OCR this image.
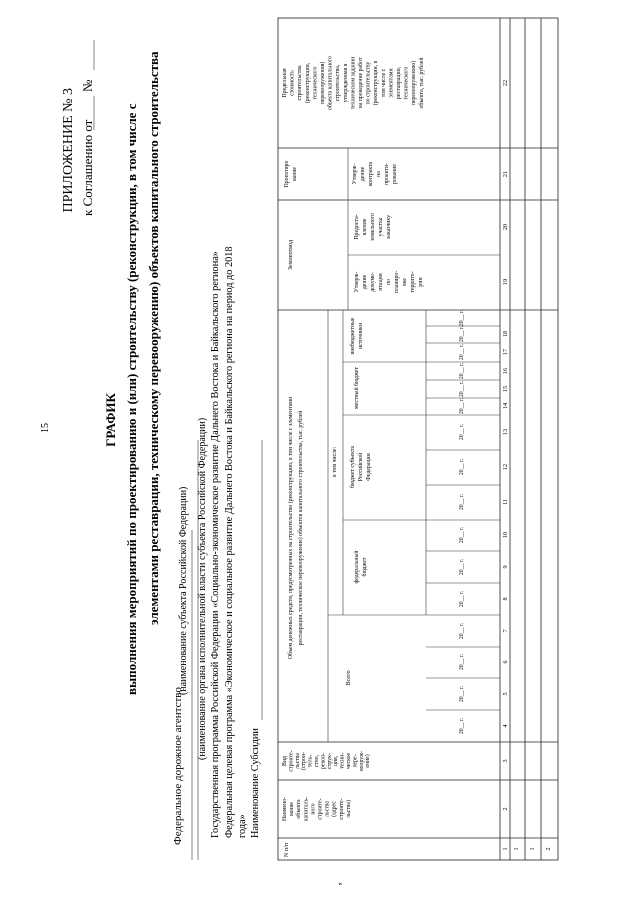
15
ПРИЛОЖЕНИЕ № 3 к Соглашению от
№
ГРАФИК выполнения мероприятий по проектированию и (или) строительству (реконструкции, в том числе с элементами реставрации, техническому перевооружению) объектов капитального строительства
Федеральное дорожное агентство
(наименование субъекта Российской Федерации) (наименование органа исполнительной власти субъекта Российской Федерации) Государственная программа Российской Федерации «Социально-экономическое развитие Дальнего Востока и Байкальского региона» Федеральная целевая программа «Экономическое и социальное развитие Дальнего Востока и Байкальского региона на период до 2018 года» Наименование Субсидии
N п/п
Наимено- вание объекта капиталь- ного строите- льства (адрес строите- льства)
Вид строите- льства (строи- тель- ство, рекон- струк- ция, техни- ческое пере- вооруж- ение)
Объем денежных средств, предусмотренных на строительство (реконструкцию, в том числе с элементами реставрации, техническое перевооружение) объектов капитального строительства, тыс. рублей
Всего
в том числе:
федеральный бюджет
бюджет субъекта Российской Федерации
местный бюджет
внебюджетные источники
20__ г.
20__ г.
20__ г.
20__ г.
20__ г.
20__ г.
20__ г.
20__ г.
20__ г.
20__ г.
20__ г.
20__ г.
20__ г.
20__ г.
20__ г.
20__ г.
Землеотвод
Утверж- дение докуме- нтации по планиро- вке террито- рии
Предоста- вление земельного участка заказчику
Проектиро вание	Утверж- дение контракта на проекти- рование
Предельная стоимость строительства (реконструкции, технического перевооружения) объекта капитального строительства, утвержденная в техническом задании на проведение работ по строительству (реконструкции, в том числе с элементами реставрации, технического перевооружению) объекта, тыс. рублей
1
2
3
4
5
6
7
8
9
10
11
12
13
14
15
16
17
18
19
20
21
22
1 1 2
,
